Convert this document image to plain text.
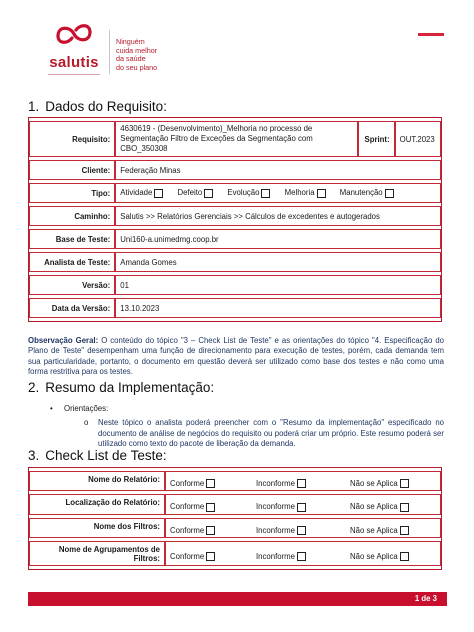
salutis
Ninguém
cuida melhor
da saúde
do seu plano
1. Dados do Requisito:
Requisito:	4630619 - (Desenvolvimento)_Melhoria no processo de Segmentação Filtro de Exceções da Segmentação com CBO_350308	Sprint:	OUT.2023
Cliente:	Federação Minas		
Tipo:	Atividade Defeito Evolução Melhoria Manutenção		
Caminho:	Salutis >> Relatórios Gerenciais >> Cálculos de excedentes e autogerados		
Base de Teste:	Uni160-a.unimedmg.coop.br		
Analista de Teste:	Amanda Gomes		
Versão:	01		
Data da Versão:	13.10.2023		
Observação Geral: O conteúdo do tópico "3 – Check List de Teste" e as orientações do tópico "4. Especificação do Plano de Teste" desempenham uma função de direcionamento para execução de testes, porém, cada demanda tem sua particularidade, portanto, o documento em questão deverá ser utilizado como base dos testes e não como uma forma restritiva para os testes.
2. Resumo da Implementação:
• Orientações:
o Neste tópico o analista poderá preencher com o "Resumo da implementação" especificado no documento de análise de negócios do requisito ou poderá criar um próprio. Este resumo poderá ser utilizado como texto do pacote de liberação da demanda.
3. Check List de Teste:
Nome do Relatório:	Conforme Inconforme Não se Aplica
Localização do Relatório:	Conforme Inconforme Não se Aplica
Nome dos Filtros:	Conforme Inconforme Não se Aplica
Nome de Agrupamentos de Filtros:	Conforme Inconforme Não se Aplica
1 de 3
